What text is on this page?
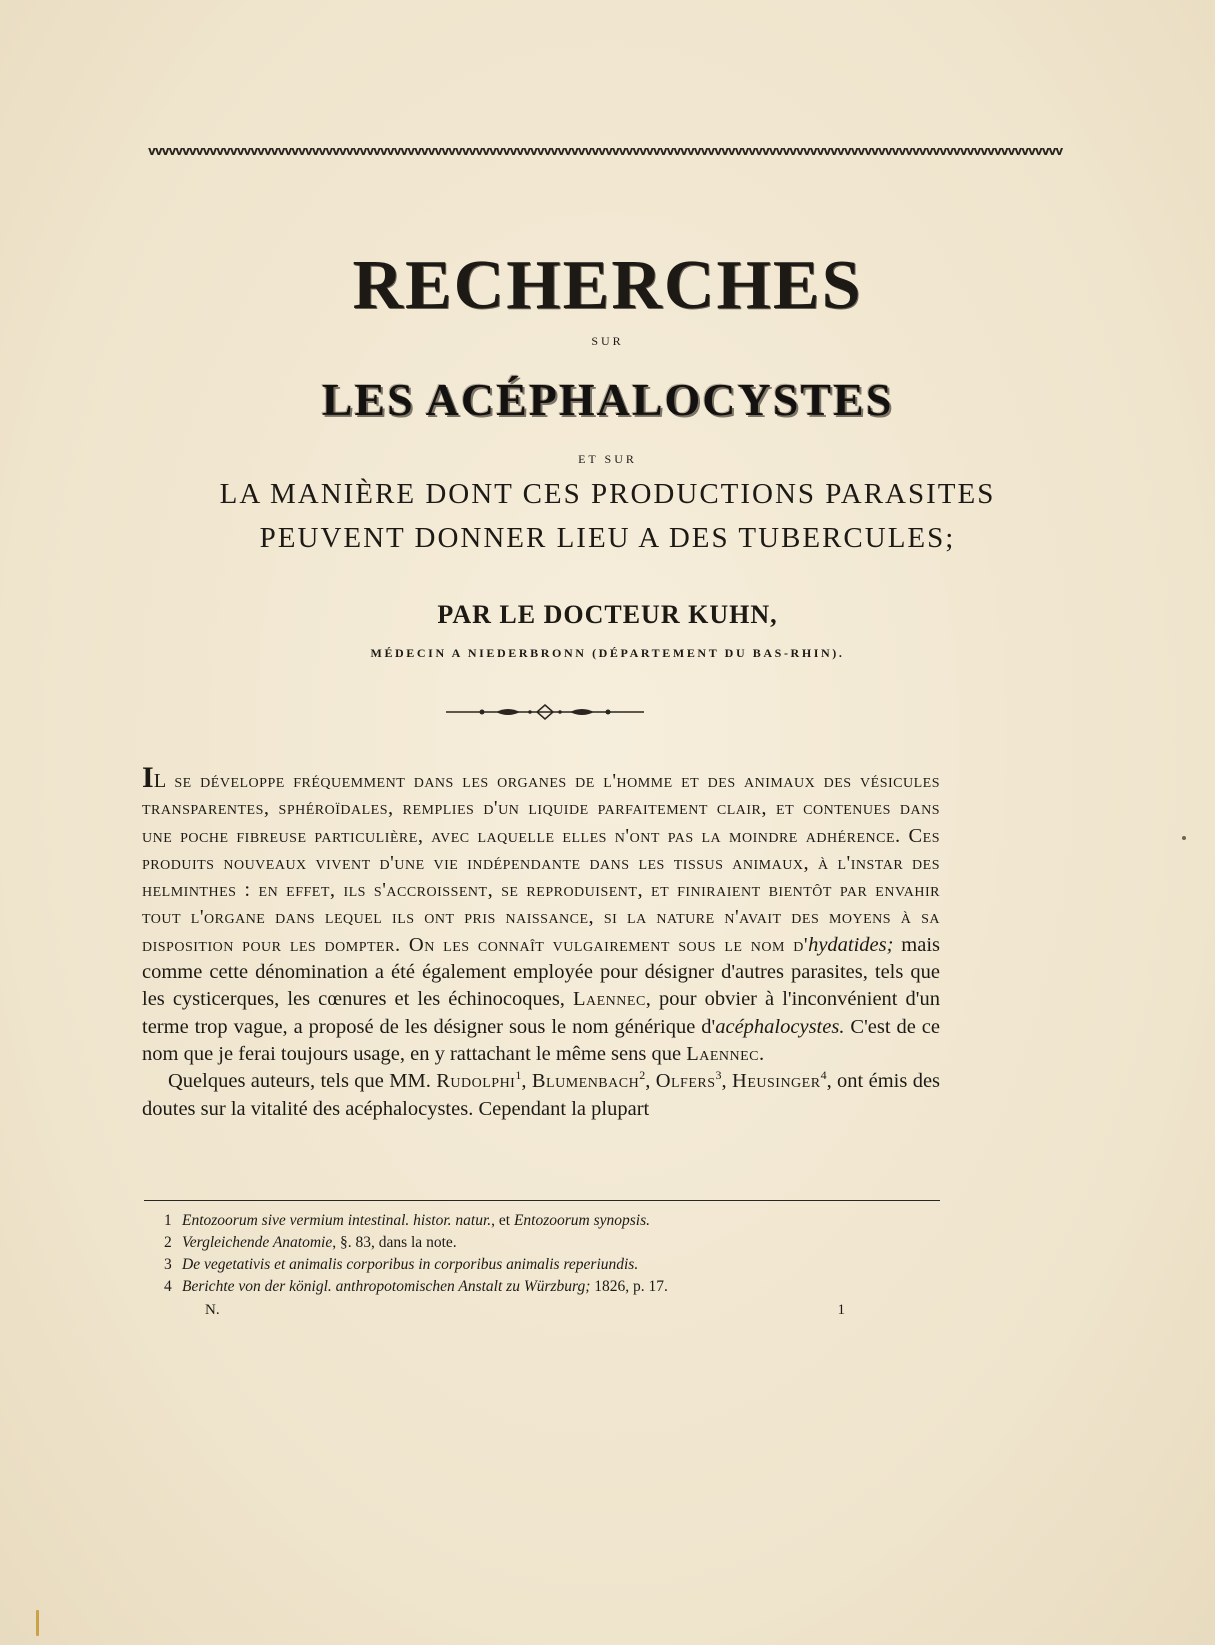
vvvvvvvvvvvvvvvvvvvvvvvvvvvvvvvvvvvvvvvvvvvvvvvvvvvvvvvvvvvvvvvvvvvvvvvvvvvvvvvvvvvvvvvvvvvvvvvvvvvvvvvvvvvvvvvvvvvvvvvvvvvvvvvvvvvvvv
RECHERCHES
SUR
LES ACÉPHALOCYSTES
ET SUR
LA MANIÈRE DONT CES PRODUCTIONS PARASITES
PEUVENT DONNER LIEU A DES TUBERCULES;
PAR LE DOCTEUR KUHN,
MÉDECIN A NIEDERBRONN (DÉPARTEMENT DU BAS-RHIN).

IL se développe fréquemment dans les organes de l'homme et des animaux des vésicules transparentes, sphéroïdales, remplies d'un liquide parfaitement clair, et contenues dans une poche fibreuse particulière, avec laquelle elles n'ont pas la moindre adhérence. Ces produits nouveaux vivent d'une vie indépendante dans les tissus animaux, à l'instar des helminthes : en effet, ils s'accroissent, se reproduisent, et finiraient bientôt par envahir tout l'organe dans lequel ils ont pris naissance, si la nature n'avait des moyens à sa disposition pour les dompter. On les connaît vulgairement sous le nom d'hydatides; mais comme cette dénomination a été également employée pour désigner d'autres parasites, tels que les cysticerques, les cœnures et les échinocoques, Laennec, pour obvier à l'inconvénient d'un terme trop vague, a proposé de les désigner sous le nom générique d'acéphalocystes. C'est de ce nom que je ferai toujours usage, en y rattachant le même sens que Laennec.

Quelques auteurs, tels que MM. Rudolphi$^1$, Blumenbach$^2$, Olfers$^3$, Heusinger$^4$, ont émis des doutes sur la vitalité des acéphalocystes. Cependant la plupart

1 Entozoorum sive vermium intestinal. histor. natur., et Entozoorum synopsis.
2 Vergleichende Anatomie, §. 83, dans la note.
3 De vegetativis et animalis corporibus in corporibus animalis reperiundis.
4 Berichte von der königl. anthropotomischen Anstalt zu Würzburg; 1826, p. 17.
N.	1
